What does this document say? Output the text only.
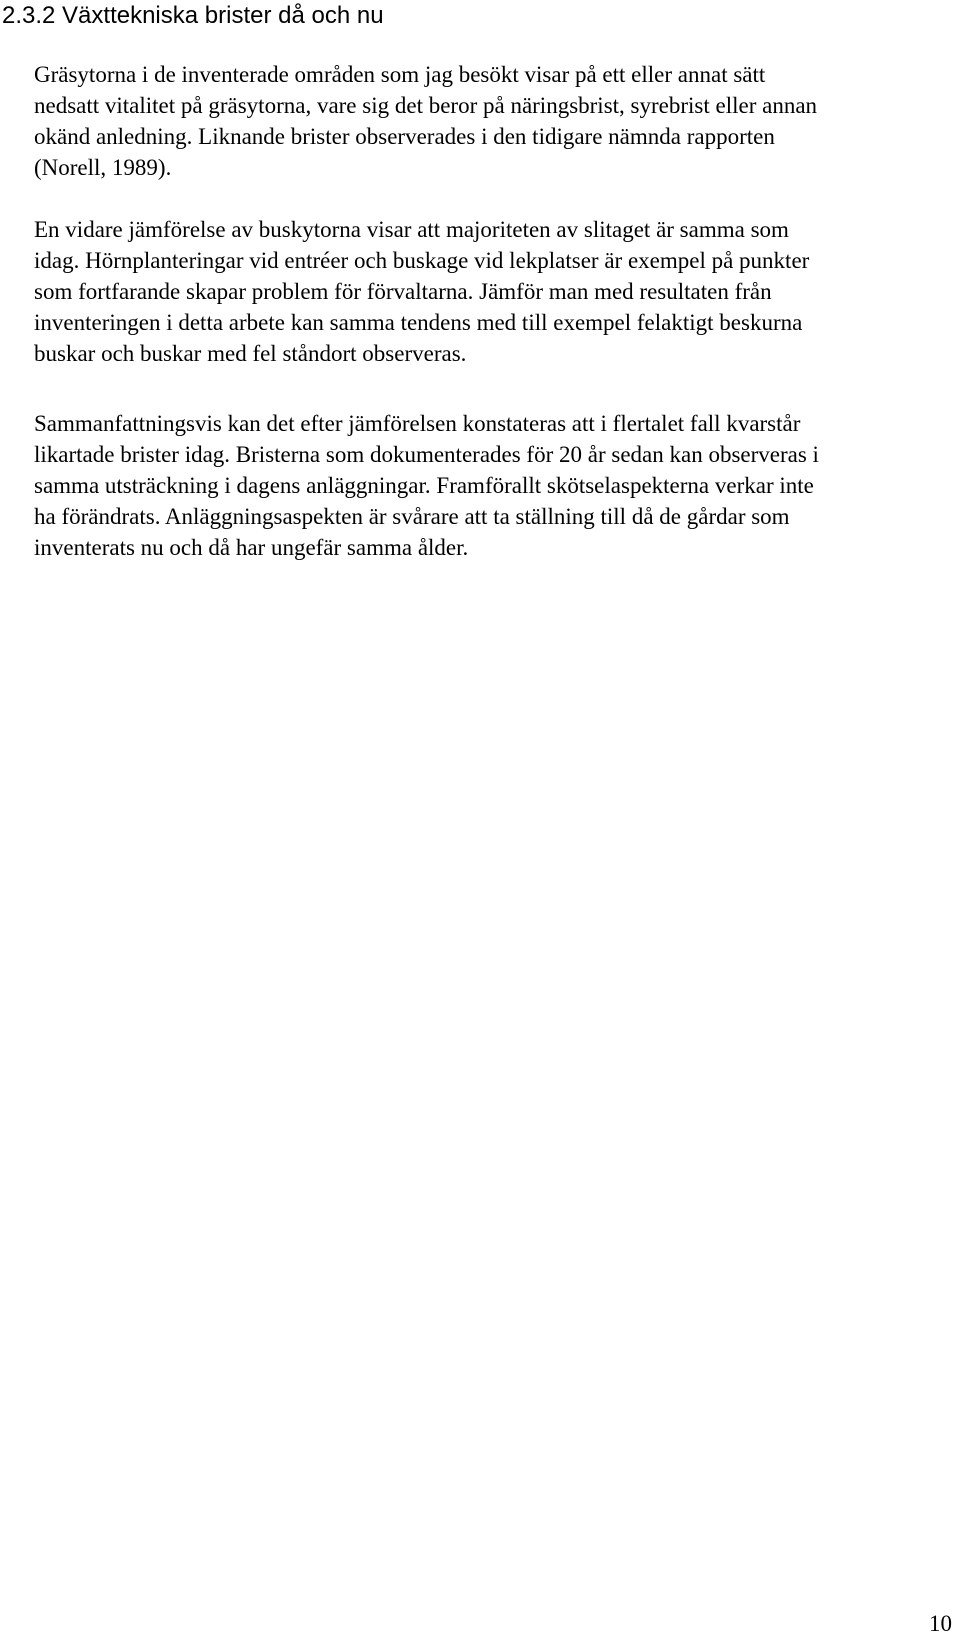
2.3.2 Växttekniska brister då och nu

Gräsytorna i de inventerade områden som jag besökt visar på ett eller annat sätt
nedsatt vitalitet på gräsytorna, vare sig det beror på näringsbrist, syrebrist eller annan
okänd anledning. Liknande brister observerades i den tidigare nämnda rapporten
(Norell, 1989).

En vidare jämförelse av buskytorna visar att majoriteten av slitaget är samma som
idag. Hörnplanteringar vid entréer och buskage vid lekplatser är exempel på punkter
som fortfarande skapar problem för förvaltarna. Jämför man med resultaten från
inventeringen i detta arbete kan samma tendens med till exempel felaktigt beskurna
buskar och buskar med fel ståndort observeras.

Sammanfattningsvis kan det efter jämförelsen konstateras att i flertalet fall kvarstår
likartade brister idag. Bristerna som dokumenterades för 20 år sedan kan observeras i
samma utsträckning i dagens anläggningar. Framförallt skötselaspekterna verkar inte
ha förändrats. Anläggningsaspekten är svårare att ta ställning till då de gårdar som
inventerats nu och då har ungefär samma ålder.

10
